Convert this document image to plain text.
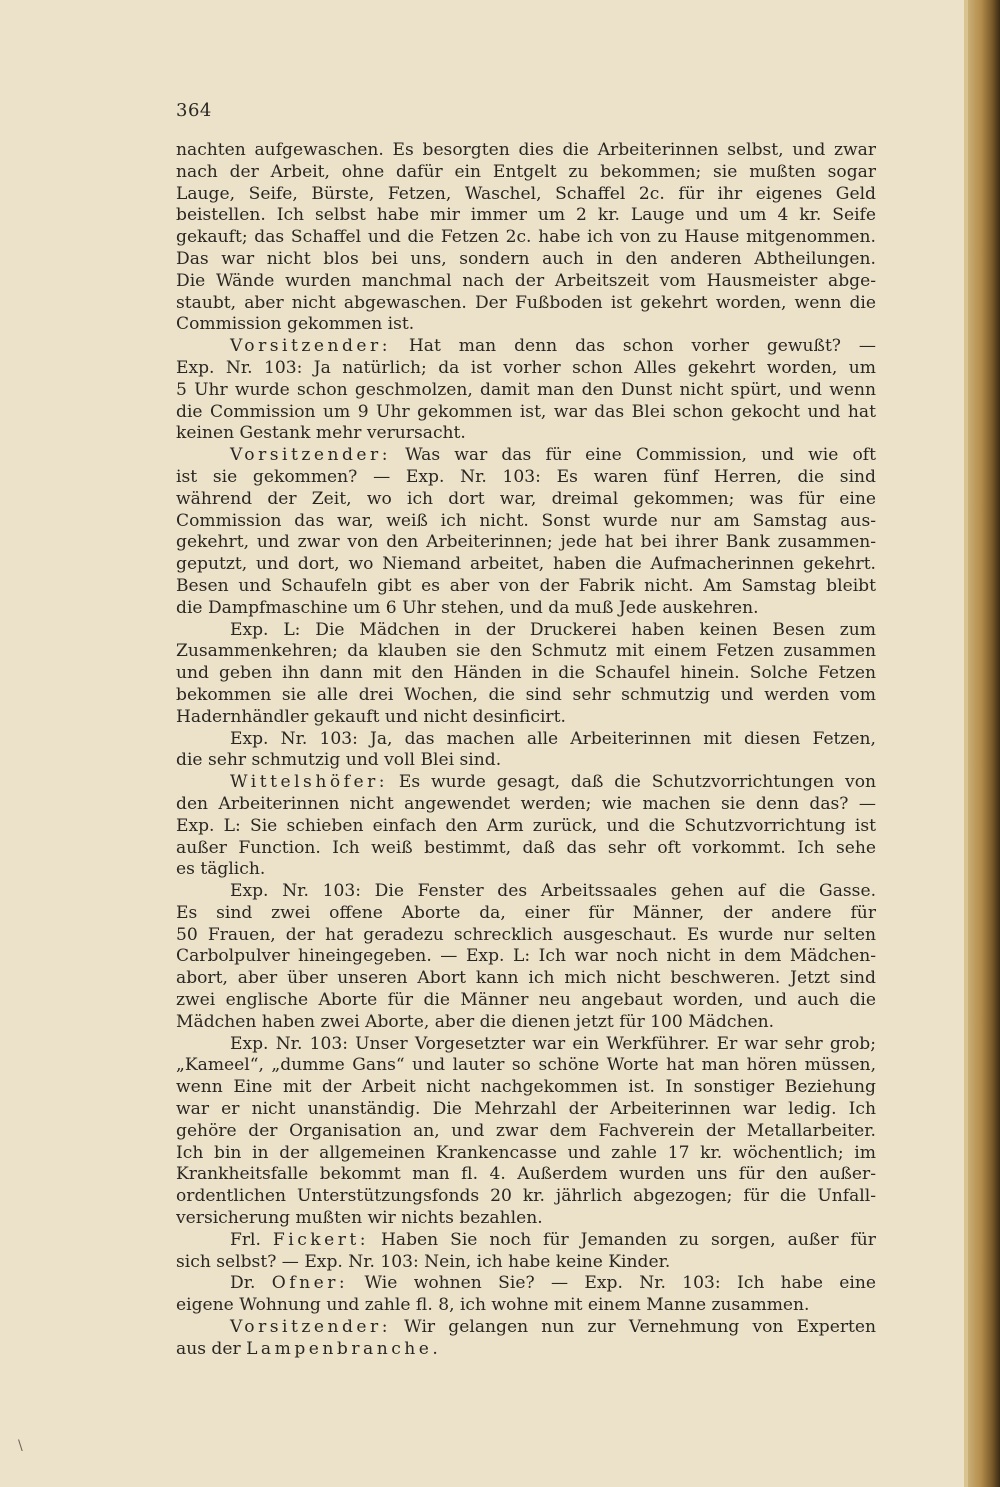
364
nachten aufgewaschen. Es besorgten dies die Arbeiterinnen selbst, und zwar
nach der Arbeit, ohne dafür ein Entgelt zu bekommen; sie mußten sogar
Lauge, Seife, Bürste, Fetzen, Waschel, Schaffel 2c. für ihr eigenes Geld
beistellen. Ich selbst habe mir immer um 2 kr. Lauge und um 4 kr. Seife
gekauft; das Schaffel und die Fetzen 2c. habe ich von zu Hause mitgenommen.
Das war nicht blos bei uns, sondern auch in den anderen Abtheilungen.
Die Wände wurden manchmal nach der Arbeitszeit vom Hausmeister abge-
staubt, aber nicht abgewaschen. Der Fußboden ist gekehrt worden, wenn die
Commission gekommen ist.
Vorsitzender: Hat man denn das schon vorher gewußt? —
Exp. Nr. 103: Ja natürlich; da ist vorher schon Alles gekehrt worden, um
5 Uhr wurde schon geschmolzen, damit man den Dunst nicht spürt, und wenn
die Commission um 9 Uhr gekommen ist, war das Blei schon gekocht und hat
keinen Gestank mehr verursacht.
Vorsitzender: Was war das für eine Commission, und wie oft
ist sie gekommen? — Exp. Nr. 103: Es waren fünf Herren, die sind
während der Zeit, wo ich dort war, dreimal gekommen; was für eine
Commission das war, weiß ich nicht. Sonst wurde nur am Samstag aus-
gekehrt, und zwar von den Arbeiterinnen; jede hat bei ihrer Bank zusammen-
geputzt, und dort, wo Niemand arbeitet, haben die Aufmacherinnen gekehrt.
Besen und Schaufeln gibt es aber von der Fabrik nicht. Am Samstag bleibt
die Dampfmaschine um 6 Uhr stehen, und da muß Jede auskehren.
Exp. L: Die Mädchen in der Druckerei haben keinen Besen zum
Zusammenkehren; da klauben sie den Schmutz mit einem Fetzen zusammen
und geben ihn dann mit den Händen in die Schaufel hinein. Solche Fetzen
bekommen sie alle drei Wochen, die sind sehr schmutzig und werden vom
Hadernhändler gekauft und nicht desinficirt.
Exp. Nr. 103: Ja, das machen alle Arbeiterinnen mit diesen Fetzen,
die sehr schmutzig und voll Blei sind.
Wittelshöfer: Es wurde gesagt, daß die Schutzvorrichtungen von
den Arbeiterinnen nicht angewendet werden; wie machen sie denn das? —
Exp. L: Sie schieben einfach den Arm zurück, und die Schutzvorrichtung ist
außer Function. Ich weiß bestimmt, daß das sehr oft vorkommt. Ich sehe
es täglich.
Exp. Nr. 103: Die Fenster des Arbeitssaales gehen auf die Gasse.
Es sind zwei offene Aborte da, einer für Männer, der andere für
50 Frauen, der hat geradezu schrecklich ausgeschaut. Es wurde nur selten
Carbolpulver hineingegeben. — Exp. L: Ich war noch nicht in dem Mädchen-
abort, aber über unseren Abort kann ich mich nicht beschweren. Jetzt sind
zwei englische Aborte für die Männer neu angebaut worden, und auch die
Mädchen haben zwei Aborte, aber die dienen jetzt für 100 Mädchen.
Exp. Nr. 103: Unser Vorgesetzter war ein Werkführer. Er war sehr grob;
„Kameel“, „dumme Gans“ und lauter so schöne Worte hat man hören müssen,
wenn Eine mit der Arbeit nicht nachgekommen ist. In sonstiger Beziehung
war er nicht unanständig. Die Mehrzahl der Arbeiterinnen war ledig. Ich
gehöre der Organisation an, und zwar dem Fachverein der Metallarbeiter.
Ich bin in der allgemeinen Krankencasse und zahle 17 kr. wöchentlich; im
Krankheitsfalle bekommt man fl. 4. Außerdem wurden uns für den außer-
ordentlichen Unterstützungsfonds 20 kr. jährlich abgezogen; für die Unfall-
versicherung mußten wir nichts bezahlen.
Frl. Fickert: Haben Sie noch für Jemanden zu sorgen, außer für
sich selbst? — Exp. Nr. 103: Nein, ich habe keine Kinder.
Dr. Ofner: Wie wohnen Sie? — Exp. Nr. 103: Ich habe eine
eigene Wohnung und zahle fl. 8, ich wohne mit einem Manne zusammen.
Vorsitzender: Wir gelangen nun zur Vernehmung von Experten
aus der Lampenbranche.
\
